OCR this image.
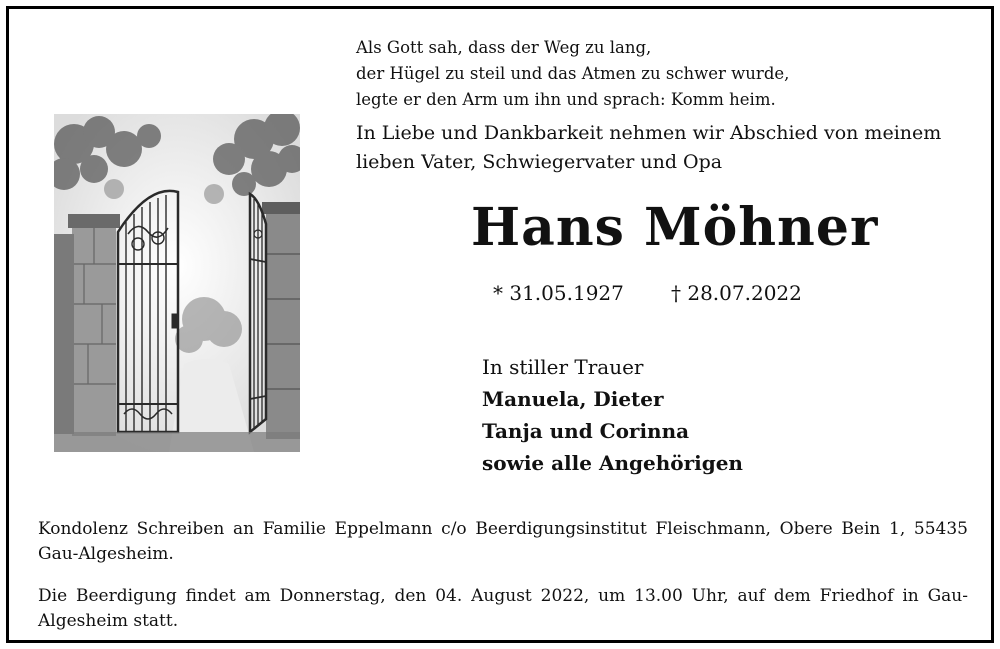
Als Gott sah, dass der Weg zu lang,
der Hügel zu steil und das Atmen zu schwer wurde,
legte er den Arm um ihn und sprach: Komm heim.
In Liebe und Dankbarkeit nehmen wir Abschied von meinem
lieben Vater, Schwiegervater und Opa
Hans Möhner
* 31.05.1927 † 28.07.2022
In stiller Trauer
Manuela, Dieter
Tanja und Corinna
sowie alle Angehörigen
Kondolenz Schreiben an Familie Eppelmann c/o Beerdigungsinstitut Fleischmann, Obere Bein 1, 55435 Gau-Algesheim.
Die Beerdigung findet am Donnerstag, den 04. August 2022, um 13.00 Uhr, auf dem Friedhof in Gau-Algesheim statt.
